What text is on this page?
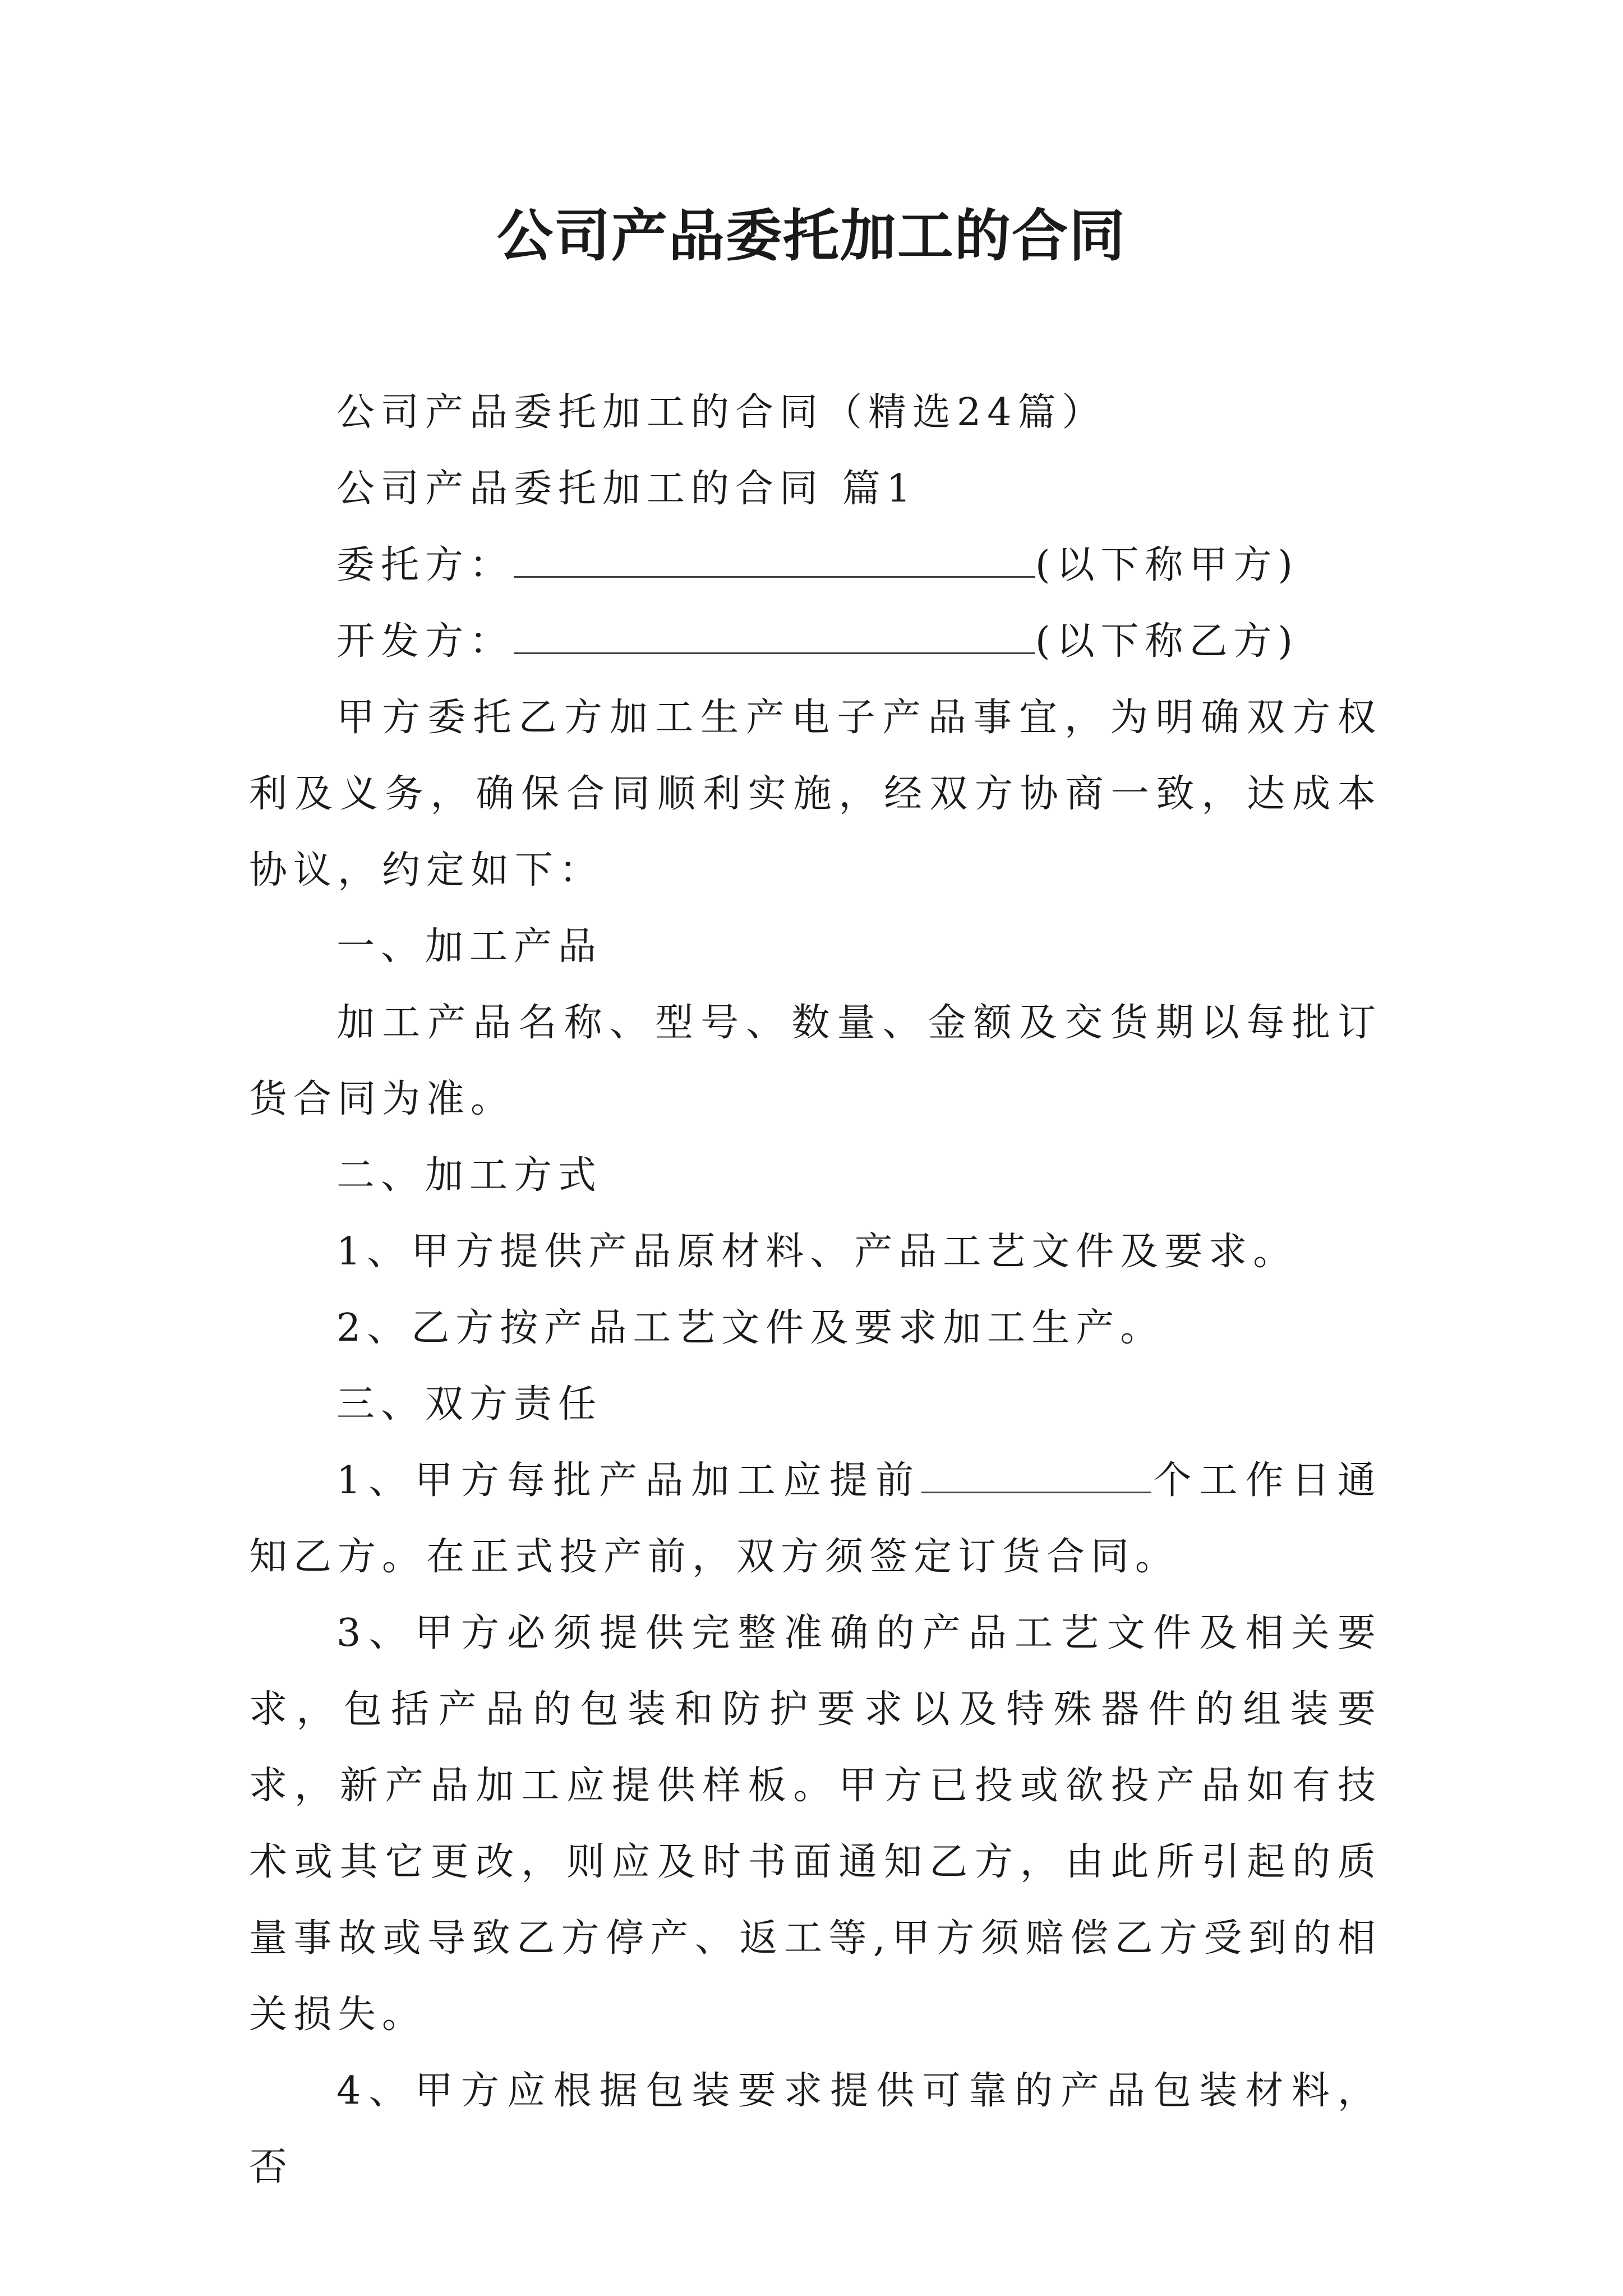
公司产品委托加工的合同

公司产品委托加工的合同（精选24篇）

公司产品委托加工的合同 篇1

委托方：	(以下称甲方)

开发方：	(以下称乙方)

甲方委托乙方加工生产电子产品事宜，为明确双方权利及义务，确保合同顺利实施，经双方协商一致，达成本协议，约定如下：

一、加工产品

加工产品名称、型号、数量、金额及交货期以每批订货合同为准。

二、加工方式

1、甲方提供产品原材料、产品工艺文件及要求。

2、乙方按产品工艺文件及要求加工生产。

三、双方责任

1、甲方每批产品加工应提前	个工作日通知乙方。在正式投产前，双方须签定订货合同。

3、甲方必须提供完整准确的产品工艺文件及相关要求，包括产品的包装和防护要求以及特殊器件的组装要求，新产品加工应提供样板。甲方已投或欲投产品如有技术或其它更改，则应及时书面通知乙方，由此所引起的质量事故或导致乙方停产、返工等,甲方须赔偿乙方受到的相关损失。

4、甲方应根据包装要求提供可靠的产品包装材料，否
